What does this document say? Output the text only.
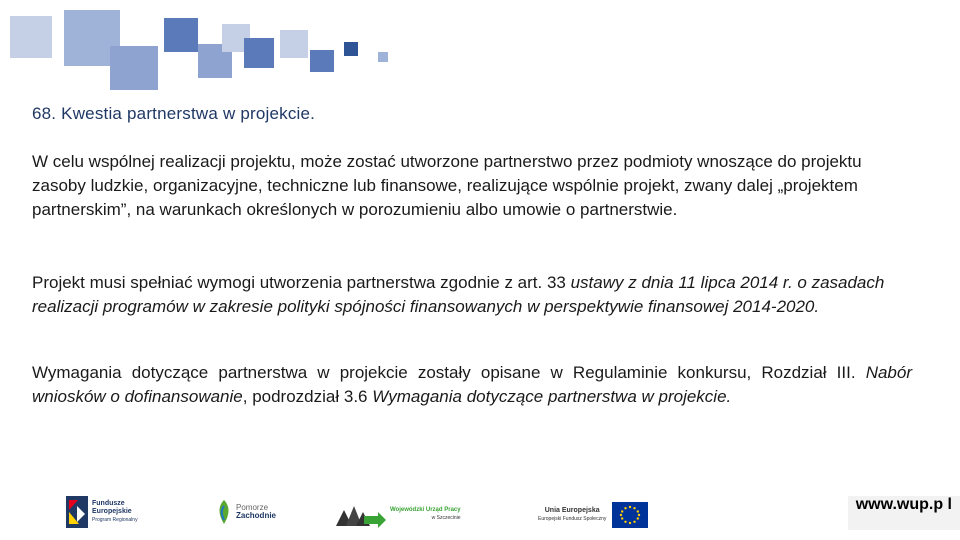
68. Kwestia partnerstwa w projekcie.
W celu wspólnej realizacji projektu, może zostać utworzone partnerstwo przez podmioty wnoszące do projektu zasoby ludzkie, organizacyjne, techniczne lub finansowe, realizujące wspólnie projekt, zwany dalej „projektem partnerskim”, na warunkach określonych w porozumieniu albo umowie o partnerstwie.
Projekt musi spełniać wymogi utworzenia partnerstwa zgodnie z art. 33 ustawy z dnia 11 lipca 2014 r. o zasadach realizacji programów w zakresie polityki spójności finansowanych w perspektywie finansowej 2014-2020.
Wymagania dotyczące partnerstwa w projekcie zostały opisane w Regulaminie konkursu, Rozdział III. Nabór wniosków o dofinansowanie, podrozdział 3.6 Wymagania dotyczące partnerstwa w projekcie.
Fundusze
Europejskie
Program Regionalny
Pomorze
Zachodnie
Wojewódzki Urząd Pracy
w Szczecinie
Unia Europejska
Europejski Fundusz Społeczny
www.wup.p l
